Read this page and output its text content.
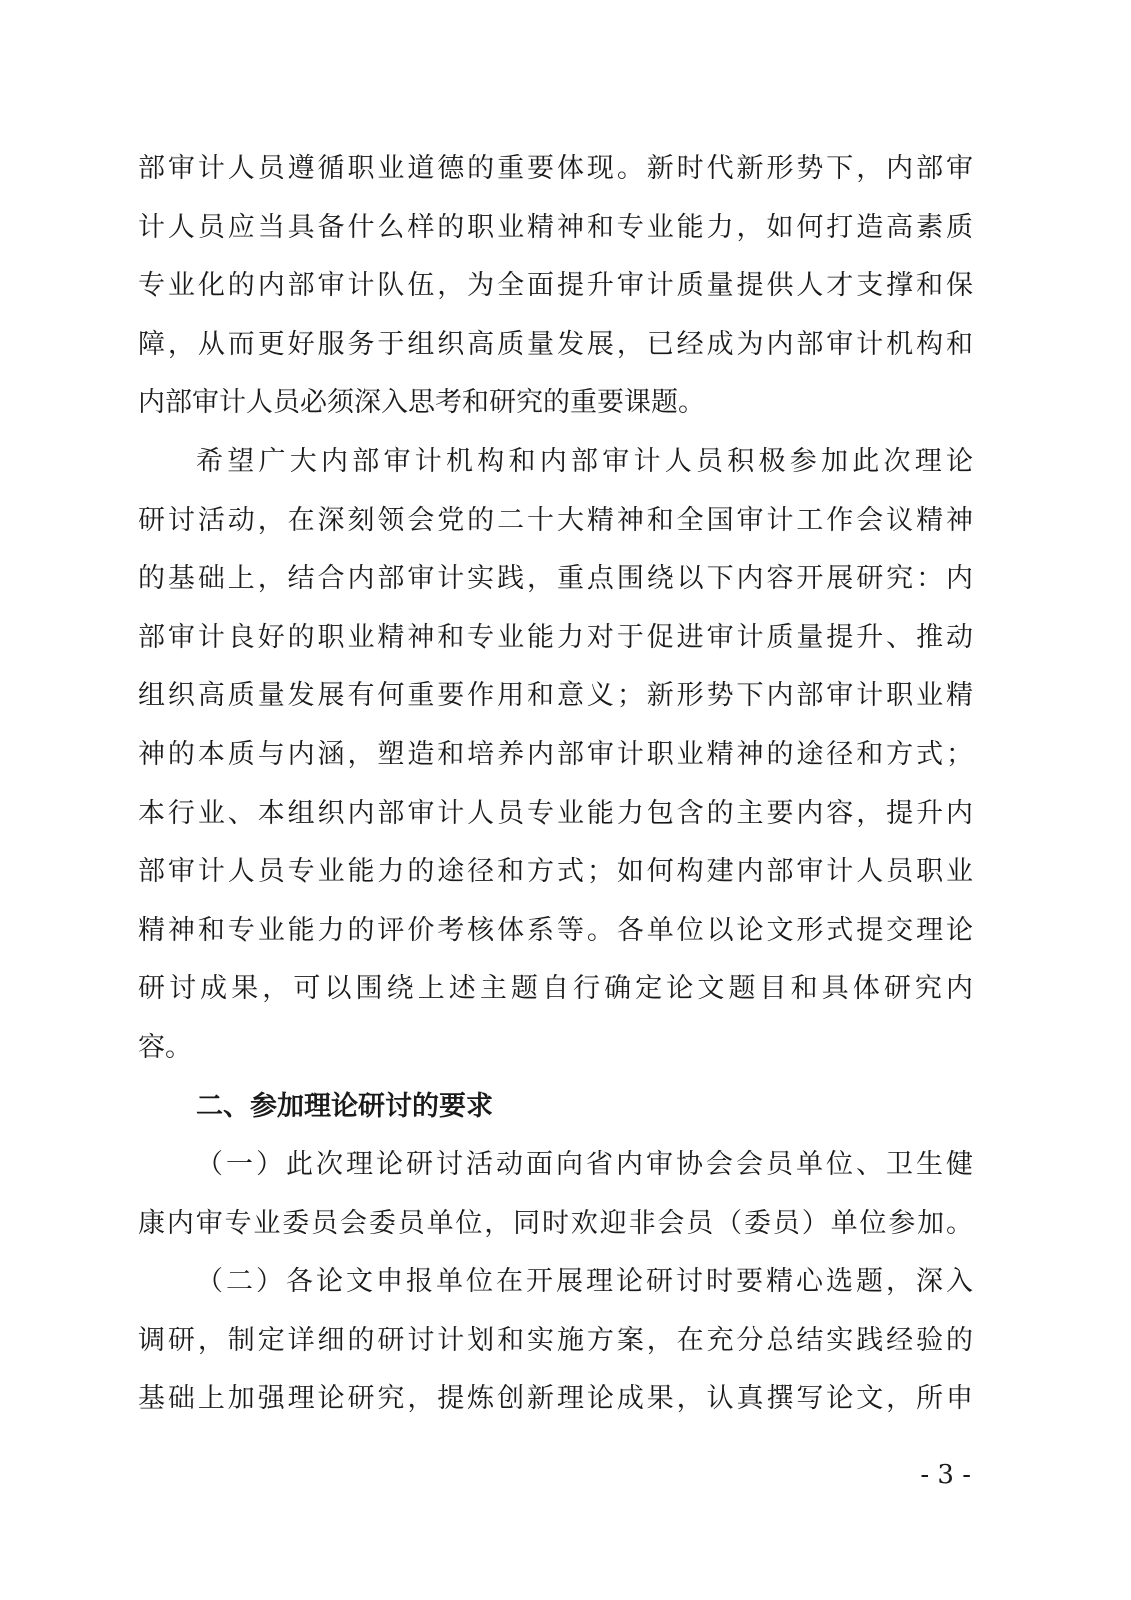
部审计人员遵循职业道德的重要体现。新时代新形势下，内部审
计人员应当具备什么样的职业精神和专业能力，如何打造高素质
专业化的内部审计队伍，为全面提升审计质量提供人才支撑和保
障，从而更好服务于组织高质量发展，已经成为内部审计机构和
内部审计人员必须深入思考和研究的重要课题。
希望广大内部审计机构和内部审计人员积极参加此次理论
研讨活动，在深刻领会党的二十大精神和全国审计工作会议精神
的基础上，结合内部审计实践，重点围绕以下内容开展研究：内
部审计良好的职业精神和专业能力对于促进审计质量提升、推动
组织高质量发展有何重要作用和意义；新形势下内部审计职业精
神的本质与内涵，塑造和培养内部审计职业精神的途径和方式；
本行业、本组织内部审计人员专业能力包含的主要内容，提升内
部审计人员专业能力的途径和方式；如何构建内部审计人员职业
精神和专业能力的评价考核体系等。各单位以论文形式提交理论
研讨成果，可以围绕上述主题自行确定论文题目和具体研究内
容。
二、参加理论研讨的要求
（一）此次理论研讨活动面向省内审协会会员单位、卫生健
康内审专业委员会委员单位，同时欢迎非会员（委员）单位参加。
（二）各论文申报单位在开展理论研讨时要精心选题，深入
调研，制定详细的研讨计划和实施方案，在充分总结实践经验的
基础上加强理论研究，提炼创新理论成果，认真撰写论文，所申
- 3 -
